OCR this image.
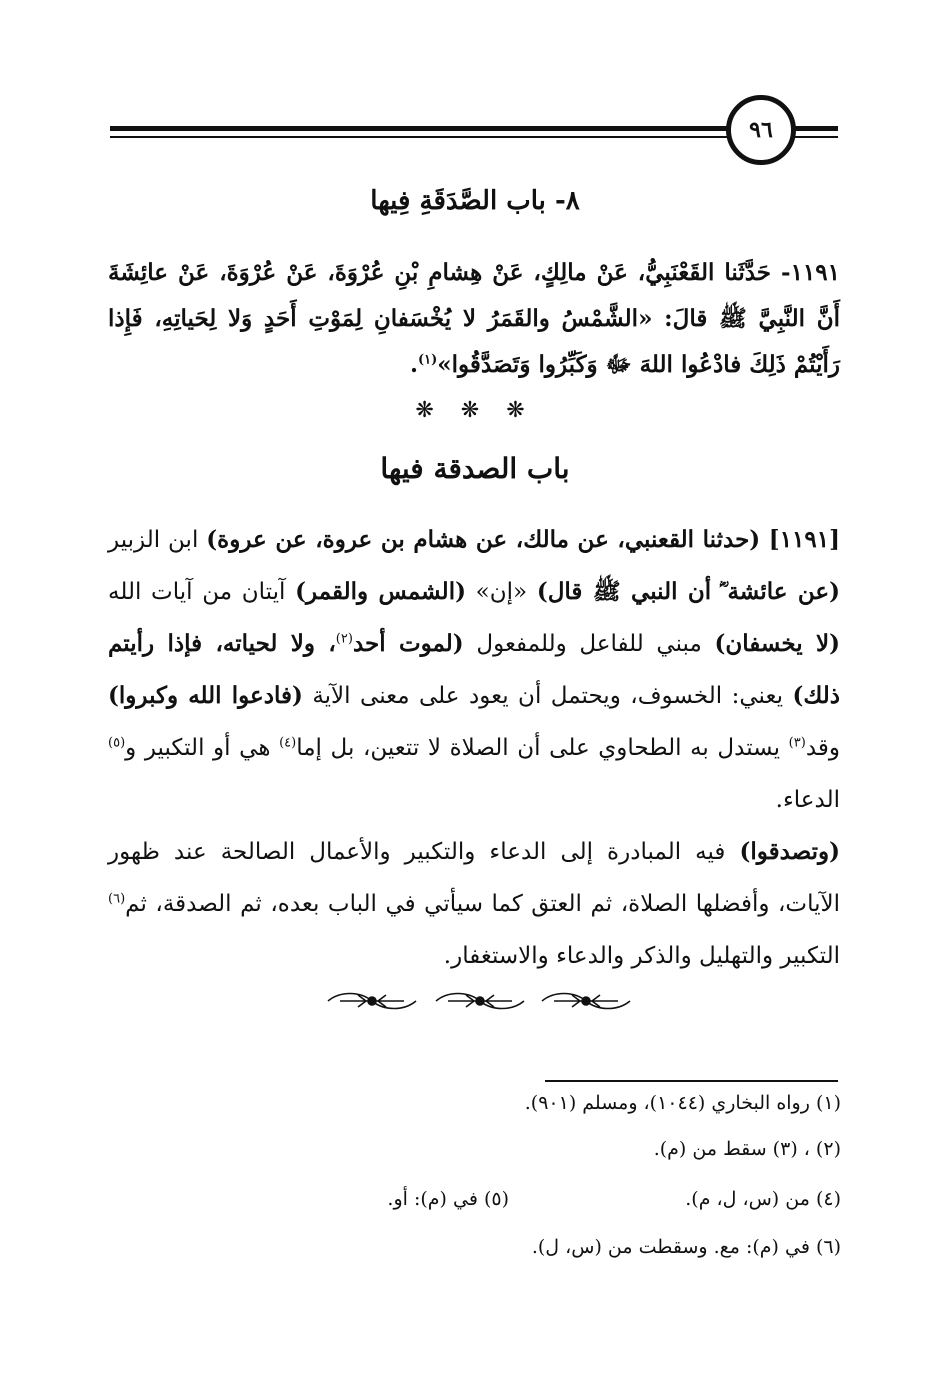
٩٦
٨- باب الصَّدَقَةِ فِيها
١١٩١- حَدَّثَنا القَعْنَبِيُّ، عَنْ مالِكٍ، عَنْ هِشامِ بْنِ عُرْوَةَ، عَنْ عُرْوَةَ، عَنْ عائِشَةَ أَنَّ النَّبِيَّ ﷺ قالَ: «الشَّمْسُ والقَمَرُ لا يُخْسَفانِ لِمَوْتِ أَحَدٍ وَلا لِحَياتِهِ، فَإِذا رَأَيْتُمْ ذَلِكَ فادْعُوا اللهَ ﷻ وَكَبِّرُوا وَتَصَدَّقُوا»$^{(١)}$.
❋ ❋ ❋
باب الصدقة فيها
[١١٩١] (حدثنا القعنبي، عن مالك، عن هشام بن عروة، عن عروة) ابن الزبير (عن عائشة ؓ أن النبي ﷺ قال) «إن» (الشمس والقمر) آيتان من آيات الله (لا يخسفان) مبني للفاعل وللمفعول (لموت أحد$^{(٢)}$، ولا لحياته، فإذا رأيتم ذلك) يعني: الخسوف، ويحتمل أن يعود على معنى الآية (فادعوا الله وكبروا) وقد$^{(٣)}$ يستدل به الطحاوي على أن الصلاة لا تتعين، بل إما$^{(٤)}$ هي أو التكبير و$^{(٥)}$ الدعاء.
(وتصدقوا) فيه المبادرة إلى الدعاء والتكبير والأعمال الصالحة عند ظهور الآيات، وأفضلها الصلاة، ثم العتق كما سيأتي في الباب بعده، ثم الصدقة، ثم$^{(٦)}$ التكبير والتهليل والذكر والدعاء والاستغفار.
(١) رواه البخاري (١٠٤٤)، ومسلم (٩٠١).
(٢) ، (٣) سقط من (م).
(٤) من (س، ل، م).
(٥) في (م): أو.
(٦) في (م): مع. وسقطت من (س، ل).
